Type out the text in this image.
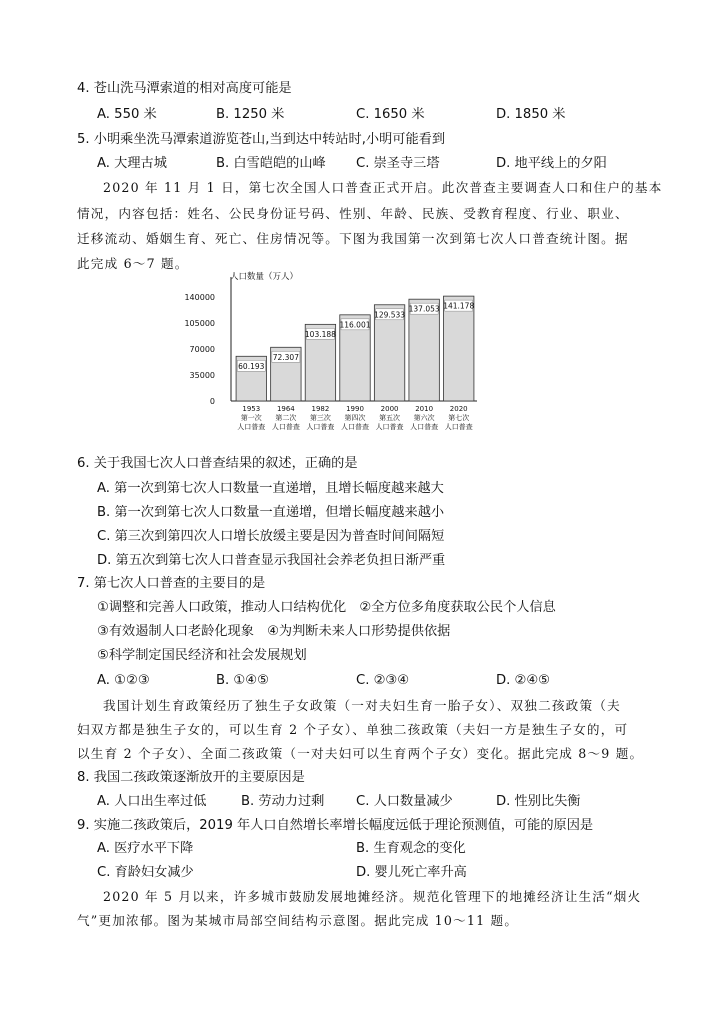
4. 苍山洗马潭索道的相对高度可能是
A. 550 米	B. 1250 米	C. 1650 米	D. 1850 米
5. 小明乘坐洗马潭索道游览苍山,当到达中转站时,小明可能看到
A. 大理古城	B. 白雪皑皑的山峰 C. 崇圣寺三塔	D. 地平线上的夕阳
2020 年 11 月 1 日，第七次全国人口普查正式开启。此次普查主要调查人口和住户的基本
情况，内容包括：姓名、公民身份证号码、性别、年龄、民族、受教育程度、行业、职业、
迁移流动、婚姻生育、死亡、住房情况等。下图为我国第一次到第七次人口普查统计图。据
此完成 6～7 题。
人口数量（万人）
140000
105000
70000
35000
0
60.193
1953
第一次
人口普查
72.307
1964
第二次
人口普查
103.188
1982
第三次
人口普查
116.001
1990
第四次
人口普查
129.533
2000
第五次
人口普查
137.053
2010
第六次
人口普查
141.178
2020
第七次
人口普查
6. 关于我国七次人口普查结果的叙述，正确的是
A. 第一次到第七次人口数量一直递增，且增长幅度越来越大
B. 第一次到第七次人口数量一直递增，但增长幅度越来越小
C. 第三次到第四次人口增长放缓主要是因为普查时间间隔短
D. 第五次到第七次人口普查显示我国社会养老负担日渐严重
7. 第七次人口普查的主要目的是
①调整和完善人口政策，推动人口结构优化　②全方位多角度获取公民个人信息
③有效遏制人口老龄化现象　④为判断未来人口形势提供依据
⑤科学制定国民经济和社会发展规划
A. ①②③	B. ①④⑤	C. ②③④	D. ②④⑤
我国计划生育政策经历了独生子女政策（一对夫妇生育一胎子女）、双独二孩政策（夫
妇双方都是独生子女的，可以生育 2 个子女）、单独二孩政策（夫妇一方是独生子女的，可
以生育 2 个子女）、全面二孩政策（一对夫妇可以生育两个子女）变化。据此完成 8～9 题。
8. 我国二孩政策逐渐放开的主要原因是
A. 人口出生率过低	B. 劳动力过剩 C. 人口数量减少	D. 性别比失衡
9. 实施二孩政策后，2019 年人口自然增长率增长幅度远低于理论预测值，可能的原因是
A. 医疗水平下降	B. 生育观念的变化
C. 育龄妇女减少	D. 婴儿死亡率升高
2020 年 5 月以来，许多城市鼓励发展地摊经济。规范化管理下的地摊经济让生活“烟火
气”更加浓郁。图为某城市局部空间结构示意图。据此完成 10～11 题。
